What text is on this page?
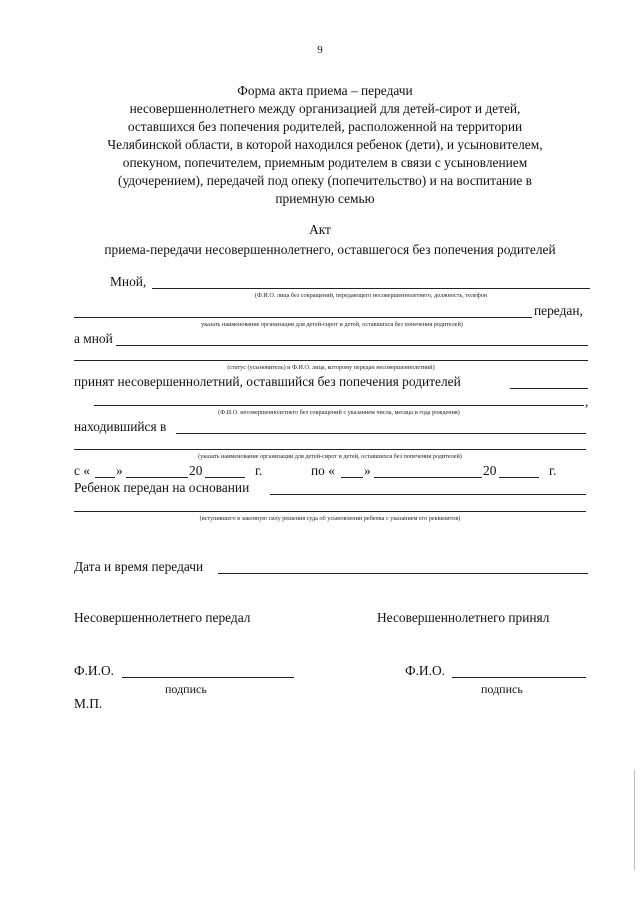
9
Форма акта приема – передачи
несовершеннолетнего между организацией для детей-сирот и детей,
оставшихся без попечения родителей, расположенной на территории
Челябинской области, в которой находился ребенок (дети), и усыновителем,
опекуном, попечителем, приемным родителем в связи с усыновлением
(удочерением), передачей под опеку (попечительство) и на воспитание в
приемную семью
Акт
приема-передачи несовершеннолетнего, оставшегося без попечения родителей
Мной,
(Ф.И.О. лица без сокращений, передающего несовершеннолетнего, должность, телефон
передан,
указать наименование организации для детей-сирот и детей, оставшихся без попечения родителей)
а мной
(статус (усыновитель) и Ф.И.О. лица, которому передан несовершеннолетний)
принят несовершеннолетний, оставшийся без попечения родителей
,
(Ф.И.О. несовершеннолетнего без сокращений с указанием числа, месяца и года рождения)
находившийся в
(указать наименование организации для детей-сирот и детей, оставшихся без попечения родителей)
с « »	20	г.	по « »	20	г.
Ребенок передан на основании
(вступившего в законную силу решения суда об усыновлении ребенка с указанием его реквизитов)
Дата и время передачи
Несовершеннолетнего передал	Несовершеннолетнего принял
Ф.И.О.
подпись
Ф.И.О.
подпись
М.П.
